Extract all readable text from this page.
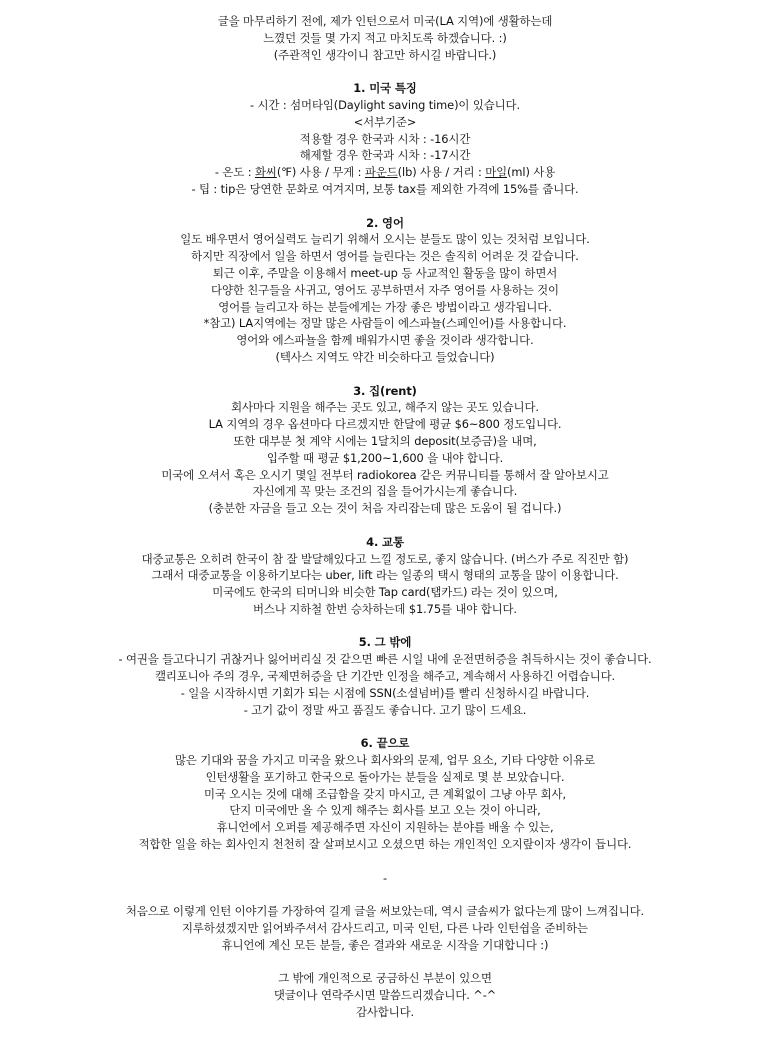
글을 마무리하기 전에, 제가 인턴으로서 미국(LA 지역)에 생활하는데
느꼈던 것들 몇 가지 적고 마치도록 하겠습니다. :)
(주관적인 생각이니 참고만 하시길 바랍니다.)
1. 미국 특징
- 시간 : 섬머타임(Daylight saving time)이 있습니다.
<서부기준>
적용할 경우 한국과 시차 : -16시간
해제할 경우 한국과 시차 : -17시간
- 온도 : 화씨(℉) 사용 / 무게 : 파운드(lb) 사용 / 거리 : 마일(ml) 사용
- 팁 : tip은 당연한 문화로 여겨지며, 보통 tax를 제외한 가격에 15%를 줍니다.
2. 영어
일도 배우면서 영어실력도 늘리기 위해서 오시는 분들도 많이 있는 것처럼 보입니다.
하지만 직장에서 일을 하면서 영어를 늘린다는 것은 솔직히 어려운 것 같습니다.
퇴근 이후, 주말을 이용해서 meet-up 등 사교적인 활동을 많이 하면서
다양한 친구들을 사귀고, 영어도 공부하면서 자주 영어를 사용하는 것이
영어를 늘리고자 하는 분들에게는 가장 좋은 방법이라고 생각됩니다.
*참고) LA지역에는 정말 많은 사람들이 에스파뇰(스페인어)를 사용합니다.
영어와 에스파뇰을 함께 배워가시면 좋을 것이라 생각합니다.
(텍사스 지역도 약간 비슷하다고 들었습니다)
3. 집(rent)
회사마다 지원을 해주는 곳도 있고, 해주지 않는 곳도 있습니다.
LA 지역의 경우 옵션마다 다르겠지만 한달에 평균 $6~800 정도입니다.
또한 대부분 첫 계약 시에는 1달치의 deposit(보증금)을 내며,
입주할 때 평균 $1,200~1,600 을 내야 합니다.
미국에 오셔서 혹은 오시기 몇일 전부터 radiokorea 같은 커뮤니티를 통해서 잘 알아보시고
자신에게 꼭 맞는 조건의 집을 들어가시는게 좋습니다.
(충분한 자금을 들고 오는 것이 처음 자리잡는데 많은 도움이 될 겁니다.)
4. 교통
대중교통은 오히려 한국이 참 잘 발달해있다고 느낄 정도로, 좋지 않습니다. (버스가 주로 직진만 함)
그래서 대중교통을 이용하기보다는 uber, lift 라는 일종의 택시 형태의 교통을 많이 이용합니다.
미국에도 한국의 티머니와 비슷한 Tap card(탭카드) 라는 것이 있으며,
버스나 지하철 한번 승차하는데 $1.75를 내야 합니다.
5. 그 밖에
- 여권을 들고다니기 귀찮거나 잃어버리실 것 같으면 빠른 시일 내에 운전면허증을 취득하시는 것이 좋습니다.
캘리포니아 주의 경우, 국제면허증을 단 기간만 인정을 해주고, 계속해서 사용하긴 어렵습니다.
- 일을 시작하시면 기회가 되는 시점에 SSN(소셜넘버)를 빨리 신청하시길 바랍니다.
- 고기 값이 정말 싸고 품질도 좋습니다. 고기 많이 드세요.
6. 끝으로
많은 기대와 꿈을 가지고 미국을 왔으나 회사와의 문제, 업무 요소, 기타 다양한 이유로
인턴생활을 포기하고 한국으로 돌아가는 분들을 실제로 몇 분 보았습니다.
미국 오시는 것에 대해 조급함을 갖지 마시고, 큰 계획없이 그냥 아무 회사,
단지 미국에만 올 수 있게 해주는 회사를 보고 오는 것이 아니라,
휴니언에서 오퍼를 제공해주면 자신이 지원하는 분야를 배울 수 있는,
적합한 일을 하는 회사인지 천천히 잘 살펴보시고 오셨으면 하는 개인적인 오지랖이자 생각이 듭니다.
-
처음으로 이렇게 인턴 이야기를 가장하여 길게 글을 써보았는데, 역시 글솜씨가 없다는게 많이 느껴집니다.
지루하셨겠지만 읽어봐주셔서 감사드리고, 미국 인턴, 다른 나라 인턴쉽을 준비하는
휴니언에 계신 모든 분들, 좋은 결과와 새로운 시작을 기대합니다 :)
그 밖에 개인적으로 궁금하신 부분이 있으면
댓글이나 연락주시면 말씀드리겠습니다. ^-^
감사합니다.
